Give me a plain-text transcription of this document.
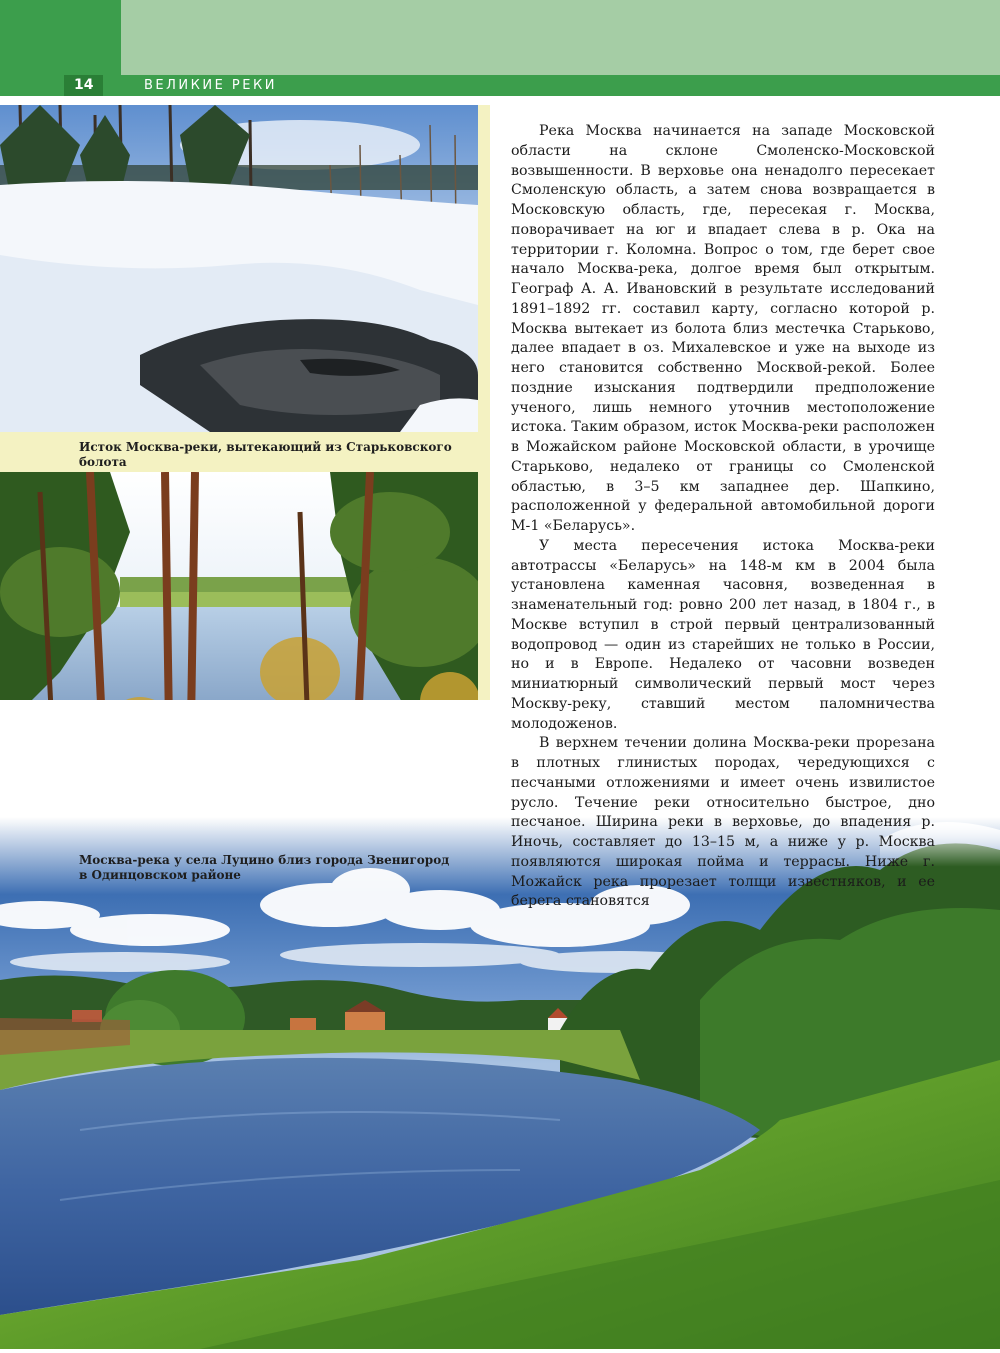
14	ВЕЛИКИЕ РЕКИ
Исток Москва-реки, вытекающий из Старьковского болота
Москва-река у села Луцино близ города Звенигород
в Одинцовском районе

Река Москва начинается на западе Московской области на склоне Смоленско-Московской возвышенности. В верховье она ненадолго пересекает Смоленскую область, а затем снова возвращается в Московскую область, где, пересекая г. Москва, поворачивает на юг и впадает слева в р. Ока на территории г. Коломна. Вопрос о том, где берет свое начало Москва-река, долгое время был открытым. Географ А. А. Ивановский в результате исследований 1891–1892 гг. составил карту, согласно которой р. Москва вытекает из болота близ местечка Старьково, далее впадает в оз. Михалевское и уже на выходе из него становится собственно Москвой-рекой. Более поздние изыскания подтвердили предположение ученого, лишь немного уточнив местоположение истока. Таким образом, исток Москва-реки расположен в Можайском районе Московской области, в урочище Старьково, недалеко от границы со Смоленской областью, в 3–5 км западнее дер. Шапкино, расположенной у федеральной автомобильной дороги М-1 «Беларусь».

У места пересечения истока Москва-реки автотрассы «Беларусь» на 148-м км в 2004 была установлена каменная часовня, возведенная в знаменательный год: ровно 200 лет назад, в 1804 г., в Москве вступил в строй первый централизованный водопровод — один из старейших не только в России, но и в Европе. Недалеко от часовни возведен миниатюрный символический первый мост через Москву-реку, ставший местом паломничества молодоженов.

В верхнем течении долина Москва-реки прорезана в плотных глинистых породах, чередующихся с песчаными отложениями и имеет очень извилистое русло. Течение реки относительно быстрое, дно песчаное. Ширина реки в верховье, до впадения р. Иночь, составляет до 13–15 м, а ниже у р. Москва появляются широкая пойма и террасы. Ниже г. Можайск река прорезает толщи известняков, и ее берега становятся
